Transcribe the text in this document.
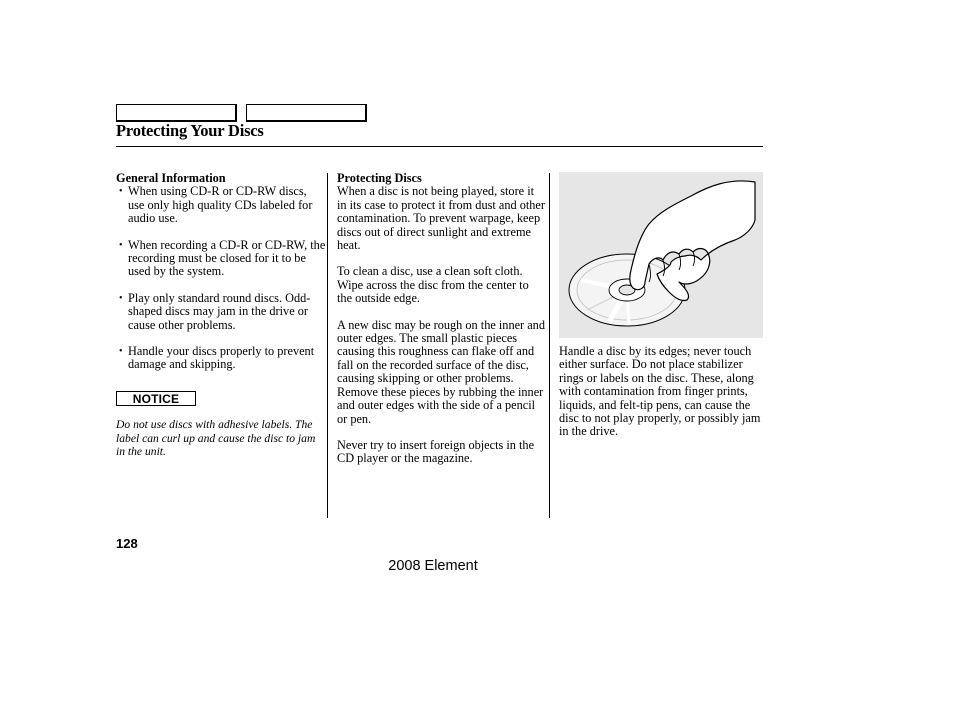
Protecting Your Discs
General Information
• When using CD-R or CD-RW discs, use only high quality CDs labeled for audio use.
• When recording a CD-R or CD-RW, the recording must be closed for it to be used by the system.
• Play only standard round discs. Odd-shaped discs may jam in the drive or cause other problems.
• Handle your discs properly to prevent damage and skipping.
NOTICE
Do not use discs with adhesive labels. The label can curl up and cause the disc to jam in the unit.
Protecting Discs

When a disc is not being played, store it in its case to protect it from dust and other contamination. To prevent warpage, keep discs out of direct sunlight and extreme heat.

To clean a disc, use a clean soft cloth. Wipe across the disc from the center to the outside edge.

A new disc may be rough on the inner and outer edges. The small plastic pieces causing this roughness can flake off and fall on the recorded surface of the disc, causing skipping or other problems. Remove these pieces by rubbing the inner and outer edges with the side of a pencil or pen.

Never try to insert foreign objects in the CD player or the magazine.

Handle a disc by its edges; never touch either surface. Do not place stabilizer rings or labels on the disc. These, along with contamination from finger prints, liquids, and felt-tip pens, can cause the disc to not play properly, or possibly jam in the drive.
128
2008 Element
